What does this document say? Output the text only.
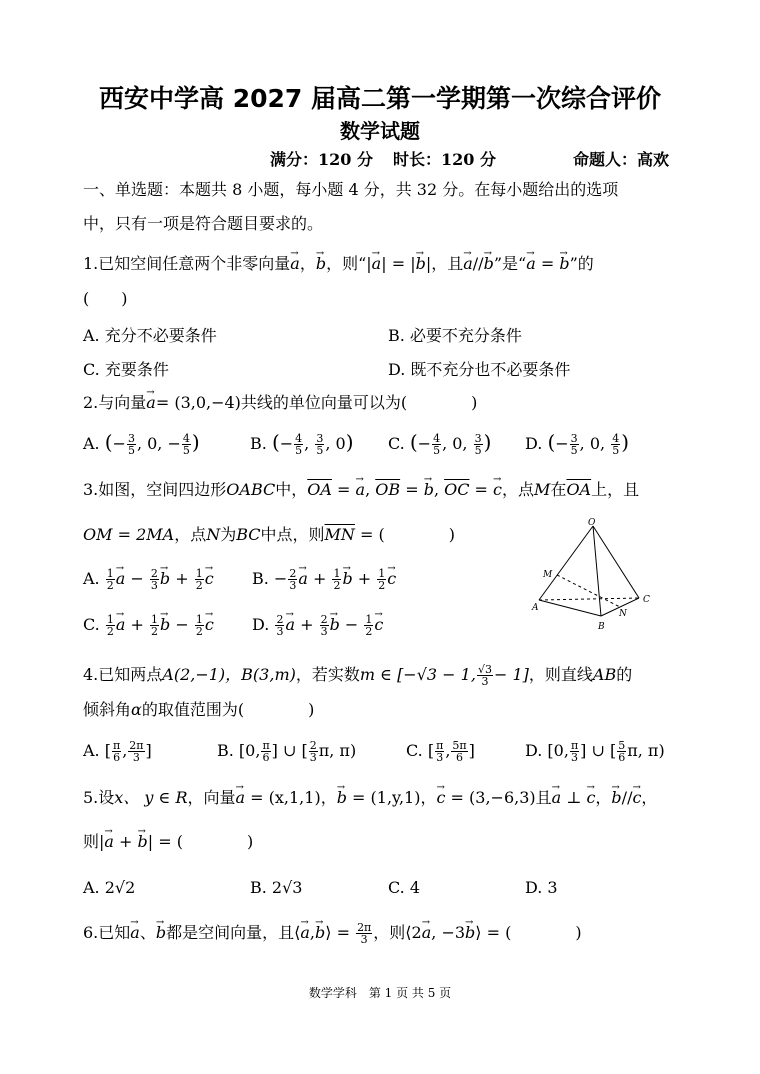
西安中学高 2027 届高二第一学期第一次综合评价
数学试题
满分：120 分 时长：120 分	命题人：高欢
一、单选题：本题共 8 小题，每小题 4 分，共 32 分。在每小题给出的选项
中，只有一项是符合题目要求的。
1.已知空间任意两个非零向量→ a，→ b，则“|→ a| = |→ b|，且→ a//→ b”是“→ a = → b”的
(　　)
A. 充分不必要条件	B. 必要不充分条件
C. 充要条件	D. 既不充分也不必要条件
2.与向量→ a= (3,0,−4)共线的单位向量可以为(　　　　)
A. (− $\frac{3}{5}$ , 0, − $\frac{4}{5}$ )	B. (− $\frac{4}{5}$ , $\frac{3}{5}$ , 0) C. (− $\frac{4}{5}$ , 0, $\frac{3}{5}$ ) D. (− $\frac{3}{5}$ , 0, $\frac{4}{5}$ )
3.如图，空间四边形OABC中，$\overline{OA}$ = → a, $\overline{OB}$ = → b, $\overline{OC}$ = → c，点M在$\overline{OA}$上，且
OM = 2MA，点N为BC中点，则$\overline{MN}$ = (　　　　)
A. $\frac{1}{2} \to a - \frac{2}{3} \to b + \frac{1}{2} \to c$ B. − $\frac{2}{3} \to a + \frac{1}{2} \to b + \frac{1}{2} \to c$
C. $\frac{1}{2} \to a + \frac{1}{2} \to b - \frac{1}{2} \to c$ D. $\frac{2}{3} \to a + \frac{2}{3} \to b - \frac{1}{2} \to c$
O
M
A
B
N
C
4.已知两点A(2,−1)，B(3,m)，若实数m ∈ [−√3 − 1, $\frac{√3}{3} - 1$]，则直线AB的
倾斜角α的取值范围为(　　　　)
A. [ $\frac{\pi}{6}$ , $\frac{2\pi}{3}$ ]	B. [0, $\frac{\pi}{6}$ ] ∪ [ $\frac{2}{3} \pi$, π)	C. [ $\frac{\pi}{3}$ , $\frac{5\pi}{6}$ ]	D. [0, $\frac{\pi}{3}$ ] ∪ [ $\frac{5}{6} \pi$, π)
5.设x、 y ∈ R，向量→ a = (x,1,1)，→ b = (1,y,1)，→ c = (3,−6,3)且→ a ⊥ → c，→ b//→ c，
则|→ a + → b| = (　　　　)
A. 2√2	B. 2√3	C. 4	D. 3
6.已知→ a、→ b都是空间向量，且⟨→ a,→ b⟩ = $\frac{2\pi}{3}$ ，则⟨2→ a, −3→ b⟩ = (　　　　)
数学学科　第 1 页 共 5 页
